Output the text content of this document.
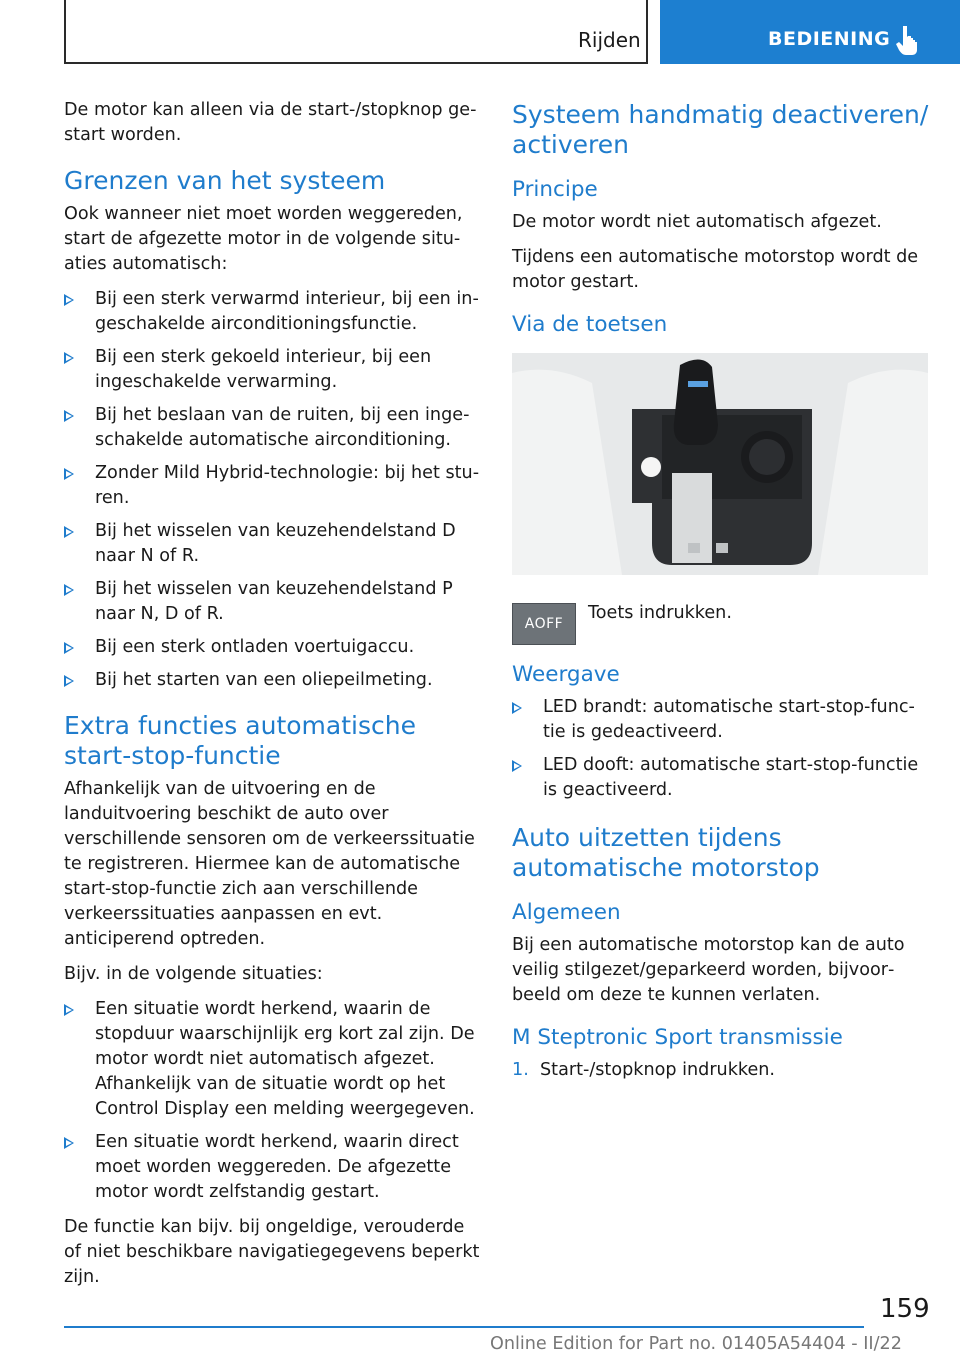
Rijden	BEDIENING

De motor kan alleen via de start-/stopknop gestart worden.

Grenzen van het systeem

Ook wanneer niet moet worden weggereden, start de afgezette motor in de volgende situaties automatisch:

Bij een sterk verwarmd interieur, bij een ingeschakelde airconditioningsfunctie.
Bij een sterk gekoeld interieur, bij een ingeschakelde verwarming.
Bij het beslaan van de ruiten, bij een ingeschakelde automatische airconditioning.
Zonder Mild Hybrid-technologie: bij het sturen.
Bij het wisselen van keuzehendelstand D naar N of R.
Bij het wisselen van keuzehendelstand P naar N, D of R.
Bij een sterk ontladen voertuigaccu.
Bij het starten van een oliepeilmeting.
Extra functies automatische start-stop-functie

Afhankelijk van de uitvoering en de landuitvoering beschikt de auto over verschillende sensoren om de verkeerssituatie te registreren. Hiermee kan de automatische start-stop-functie zich aan verschillende verkeerssituaties aanpassen en evt. anticiperend optreden.

Bijv. in de volgende situaties:

Een situatie wordt herkend, waarin de stopduur waarschijnlijk erg kort zal zijn. De motor wordt niet automatisch afgezet. Afhankelijk van de situatie wordt op het Control Display een melding weergegeven.
Een situatie wordt herkend, waarin direct moet worden weggereden. De afgezette motor wordt zelfstandig gestart.

De functie kan bijv. bij ongeldige, verouderde of niet beschikbare navigatiegegevens beperkt zijn.

Systeem handmatig deactiveren/ activeren
Principe

De motor wordt niet automatisch afgezet.

Tijdens een automatische motorstop wordt de motor gestart.

Via de toetsen
AOFF
Toets indrukken.
Weergave
LED brandt: automatische start-stop-functie is gedeactiveerd.
LED dooft: automatische start-stop-functie is geactiveerd.
Auto uitzetten tijdens automatische motorstop
Algemeen

Bij een automatische motorstop kan de auto veilig stilgezet/geparkeerd worden, bijvoorbeeld om deze te kunnen verlaten.

M Steptronic Sport transmissie
1. Start-/stopknop indrukken.
159
Online Edition for Part no. 01405A54404 - II/22
